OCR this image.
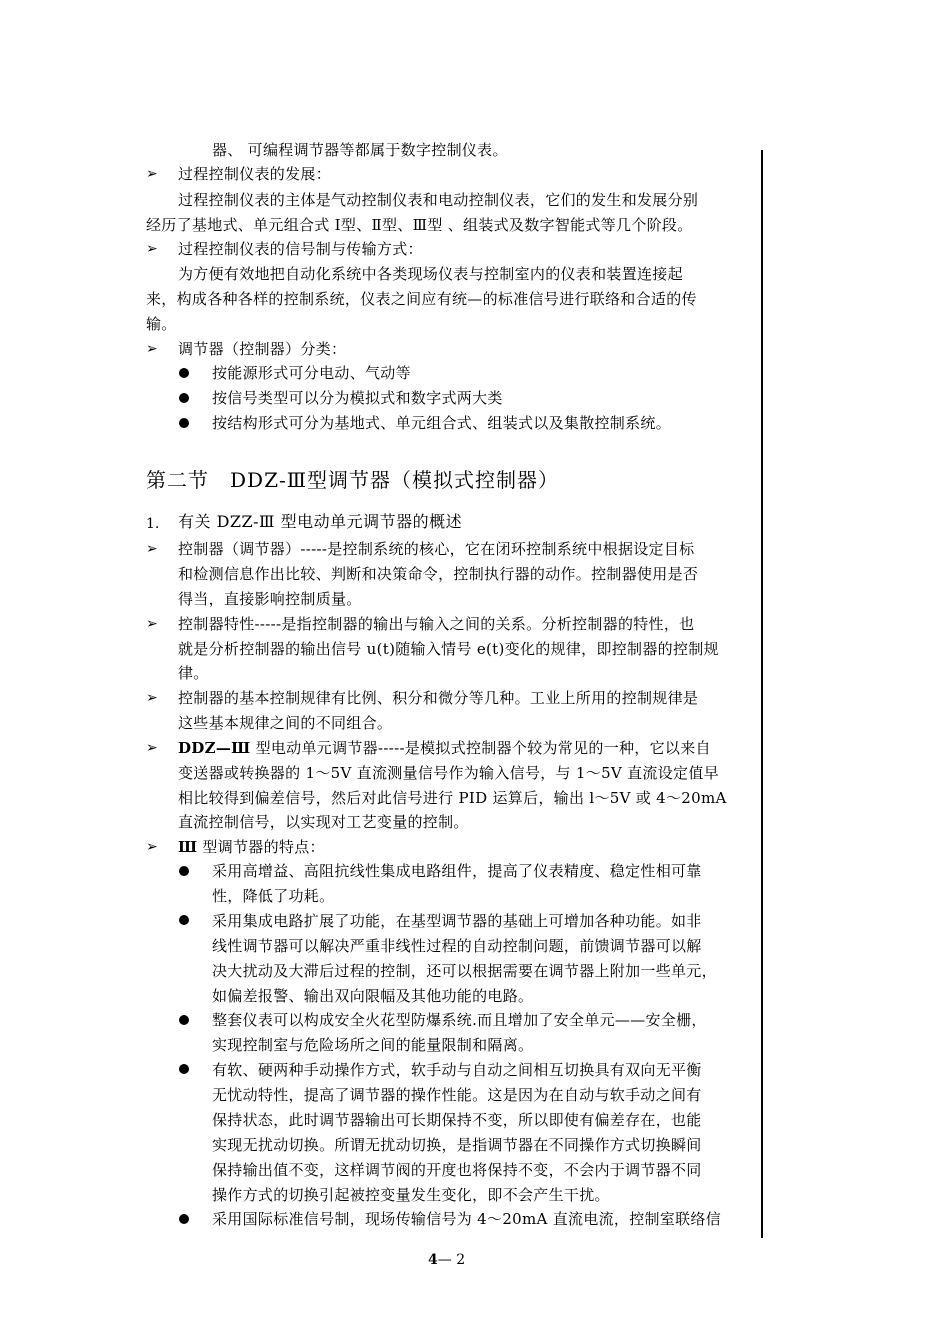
器、 可编程调节器等都属于数字控制仪表。
➢ 过程控制仪表的发展：
过程控制仪表的主体是气动控制仪表和电动控制仪表，它们的发生和发展分别
经历了基地式、单元组合式 Ⅰ型、Ⅱ型、Ⅲ型 、组装式及数字智能式等几个阶段。
➢ 过程控制仪表的信号制与传输方式：
为方便有效地把自动化系统中各类现场仪表与控制室内的仪表和装置连接起
来，构成各种各样的控制系统，仪表之间应有统—的标准信号进行联络和合适的传
输。
➢ 调节器（控制器）分类：
按能源形式可分电动、气动等
按信号类型可以分为模拟式和数字式两大类
按结构形式可分为基地式、单元组合式、组装式以及集散控制系统。
第二节　DDZ-Ⅲ型调节器（模拟式控制器）
1. 有关 DZZ-Ⅲ 型电动单元调节器的概述
➢ 控制器（调节器）-----是控制系统的核心，它在闭环控制系统中根据设定目标
和检测信息作出比较、判断和决策命令，控制执行器的动作。控制器使用是否
得当，直接影响控制质量。
➢ 控制器特性-----是指控制器的输出与输入之间的关系。分析控制器的特性，也
就是分析控制器的输出信号 u(t)随输入情号 e(t)变化的规律，即控制器的控制规
律。
➢ 控制器的基本控制规律有比例、积分和微分等几种。工业上所用的控制规律是
这些基本规律之间的不同组合。
➢ DDZ—Ш 型电动单元调节器-----是模拟式控制器个较为常见的一种，它以来自
变送器或转换器的 1～5V 直流测量信号作为输入信号，与 1～5V 直流设定值早
相比较得到偏差信号，然后对此信号进行 PID 运算后，输出 l～5V 或 4～20mA
直流控制信号，以实现对工艺变量的控制。
➢ Ш 型调节器的特点：
采用高增益、高阻抗线性集成电路组件，提高了仪表精度、稳定性相可靠
性，降低了功耗。
采用集成电路扩展了功能，在基型调节器的基础上可增加各种功能。如非
线性调节器可以解决严重非线性过程的自动控制问题，前馈调节器可以解
决大扰动及大滞后过程的控制，还可以根据需要在调节器上附加一些单元，
如偏差报警、输出双向限幅及其他功能的电路。
整套仪表可以构成安全火花型防爆系统.而且增加了安全单元——安全栅，
实现控制室与危险场所之间的能量限制和隔离。
有软、硬两种手动操作方式，软手动与自动之间相互切换具有双向无平衡
无忧动特性，提高了调节器的操作性能。这是因为在自动与软手动之间有
保持状态，此时调节器输出可长期保持不变，所以即使有偏差存在，也能
实现无扰动切换。所谓无扰动切换，是指调节器在不同操作方式切换瞬间
保持输出值不变，这样调节阀的开度也将保持不变，不会内于调节器不同
操作方式的切换引起被控变量发生变化，即不会产生干扰。
采用国际标准信号制，现场传输信号为 4～20mA 直流电流，控制室联络信
4— 2
